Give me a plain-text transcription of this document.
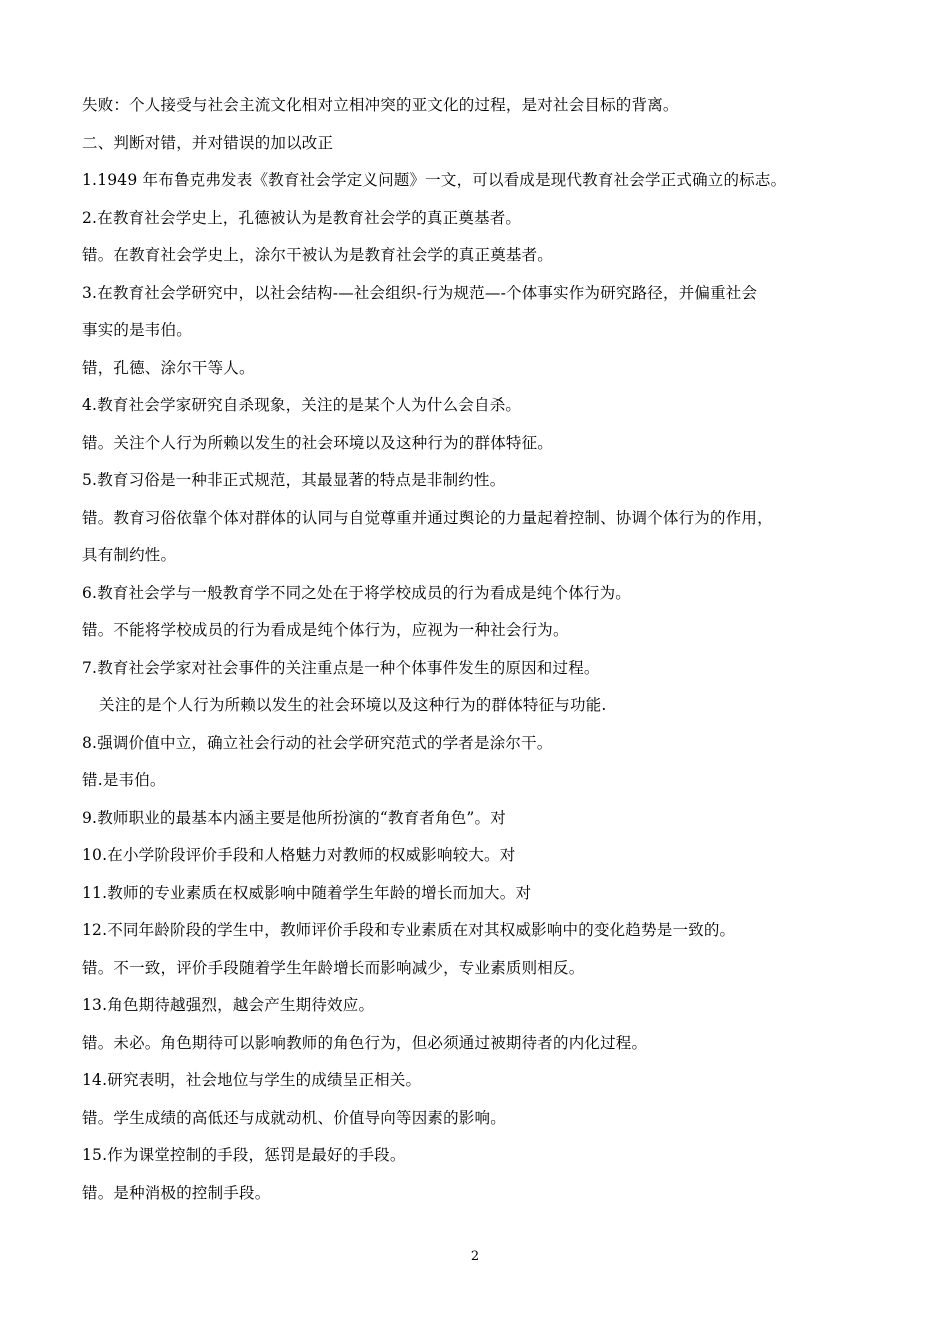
失败：个人接受与社会主流文化相对立相冲突的亚文化的过程，是对社会目标的背离。
二、判断对错，并对错误的加以改正
1.1949 年布鲁克弗发表《教育社会学定义问题》一文，可以看成是现代教育社会学正式确立的标志。
2.在教育社会学史上，孔德被认为是教育社会学的真正奠基者。
错。在教育社会学史上，涂尔干被认为是教育社会学的真正奠基者。
3.在教育社会学研究中，以社会结构-—社会组织-行为规范—-个体事实作为研究路径，并偏重社会
事实的是韦伯。
错，孔德、涂尔干等人。
4.教育社会学家研究自杀现象，关注的是某个人为什么会自杀。
错。关注个人行为所赖以发生的社会环境以及这种行为的群体特征。
5.教育习俗是一种非正式规范，其最显著的特点是非制约性。
错。教育习俗依靠个体对群体的认同与自觉尊重并通过舆论的力量起着控制、协调个体行为的作用，
具有制约性。
6.教育社会学与一般教育学不同之处在于将学校成员的行为看成是纯个体行为。
错。不能将学校成员的行为看成是纯个体行为，应视为一种社会行为。
7.教育社会学家对社会事件的关注重点是一种个体事件发生的原因和过程。
关注的是个人行为所赖以发生的社会环境以及这种行为的群体特征与功能.
8.强调价值中立，确立社会行动的社会学研究范式的学者是涂尔干。
错.是韦伯。
9.教师职业的最基本内涵主要是他所扮演的“教育者角色”。对
10.在小学阶段评价手段和人格魅力对教师的权威影响较大。对
11.教师的专业素质在权威影响中随着学生年龄的增长而加大。对
12.不同年龄阶段的学生中，教师评价手段和专业素质在对其权威影响中的变化趋势是一致的。
错。不一致，评价手段随着学生年龄增长而影响减少，专业素质则相反。
13.角色期待越强烈，越会产生期待效应。
错。未必。角色期待可以影响教师的角色行为，但必须通过被期待者的内化过程。
14.研究表明，社会地位与学生的成绩呈正相关。
错。学生成绩的高低还与成就动机、价值导向等因素的影响。
15.作为课堂控制的手段，惩罚是最好的手段。
错。是种消极的控制手段。
2
